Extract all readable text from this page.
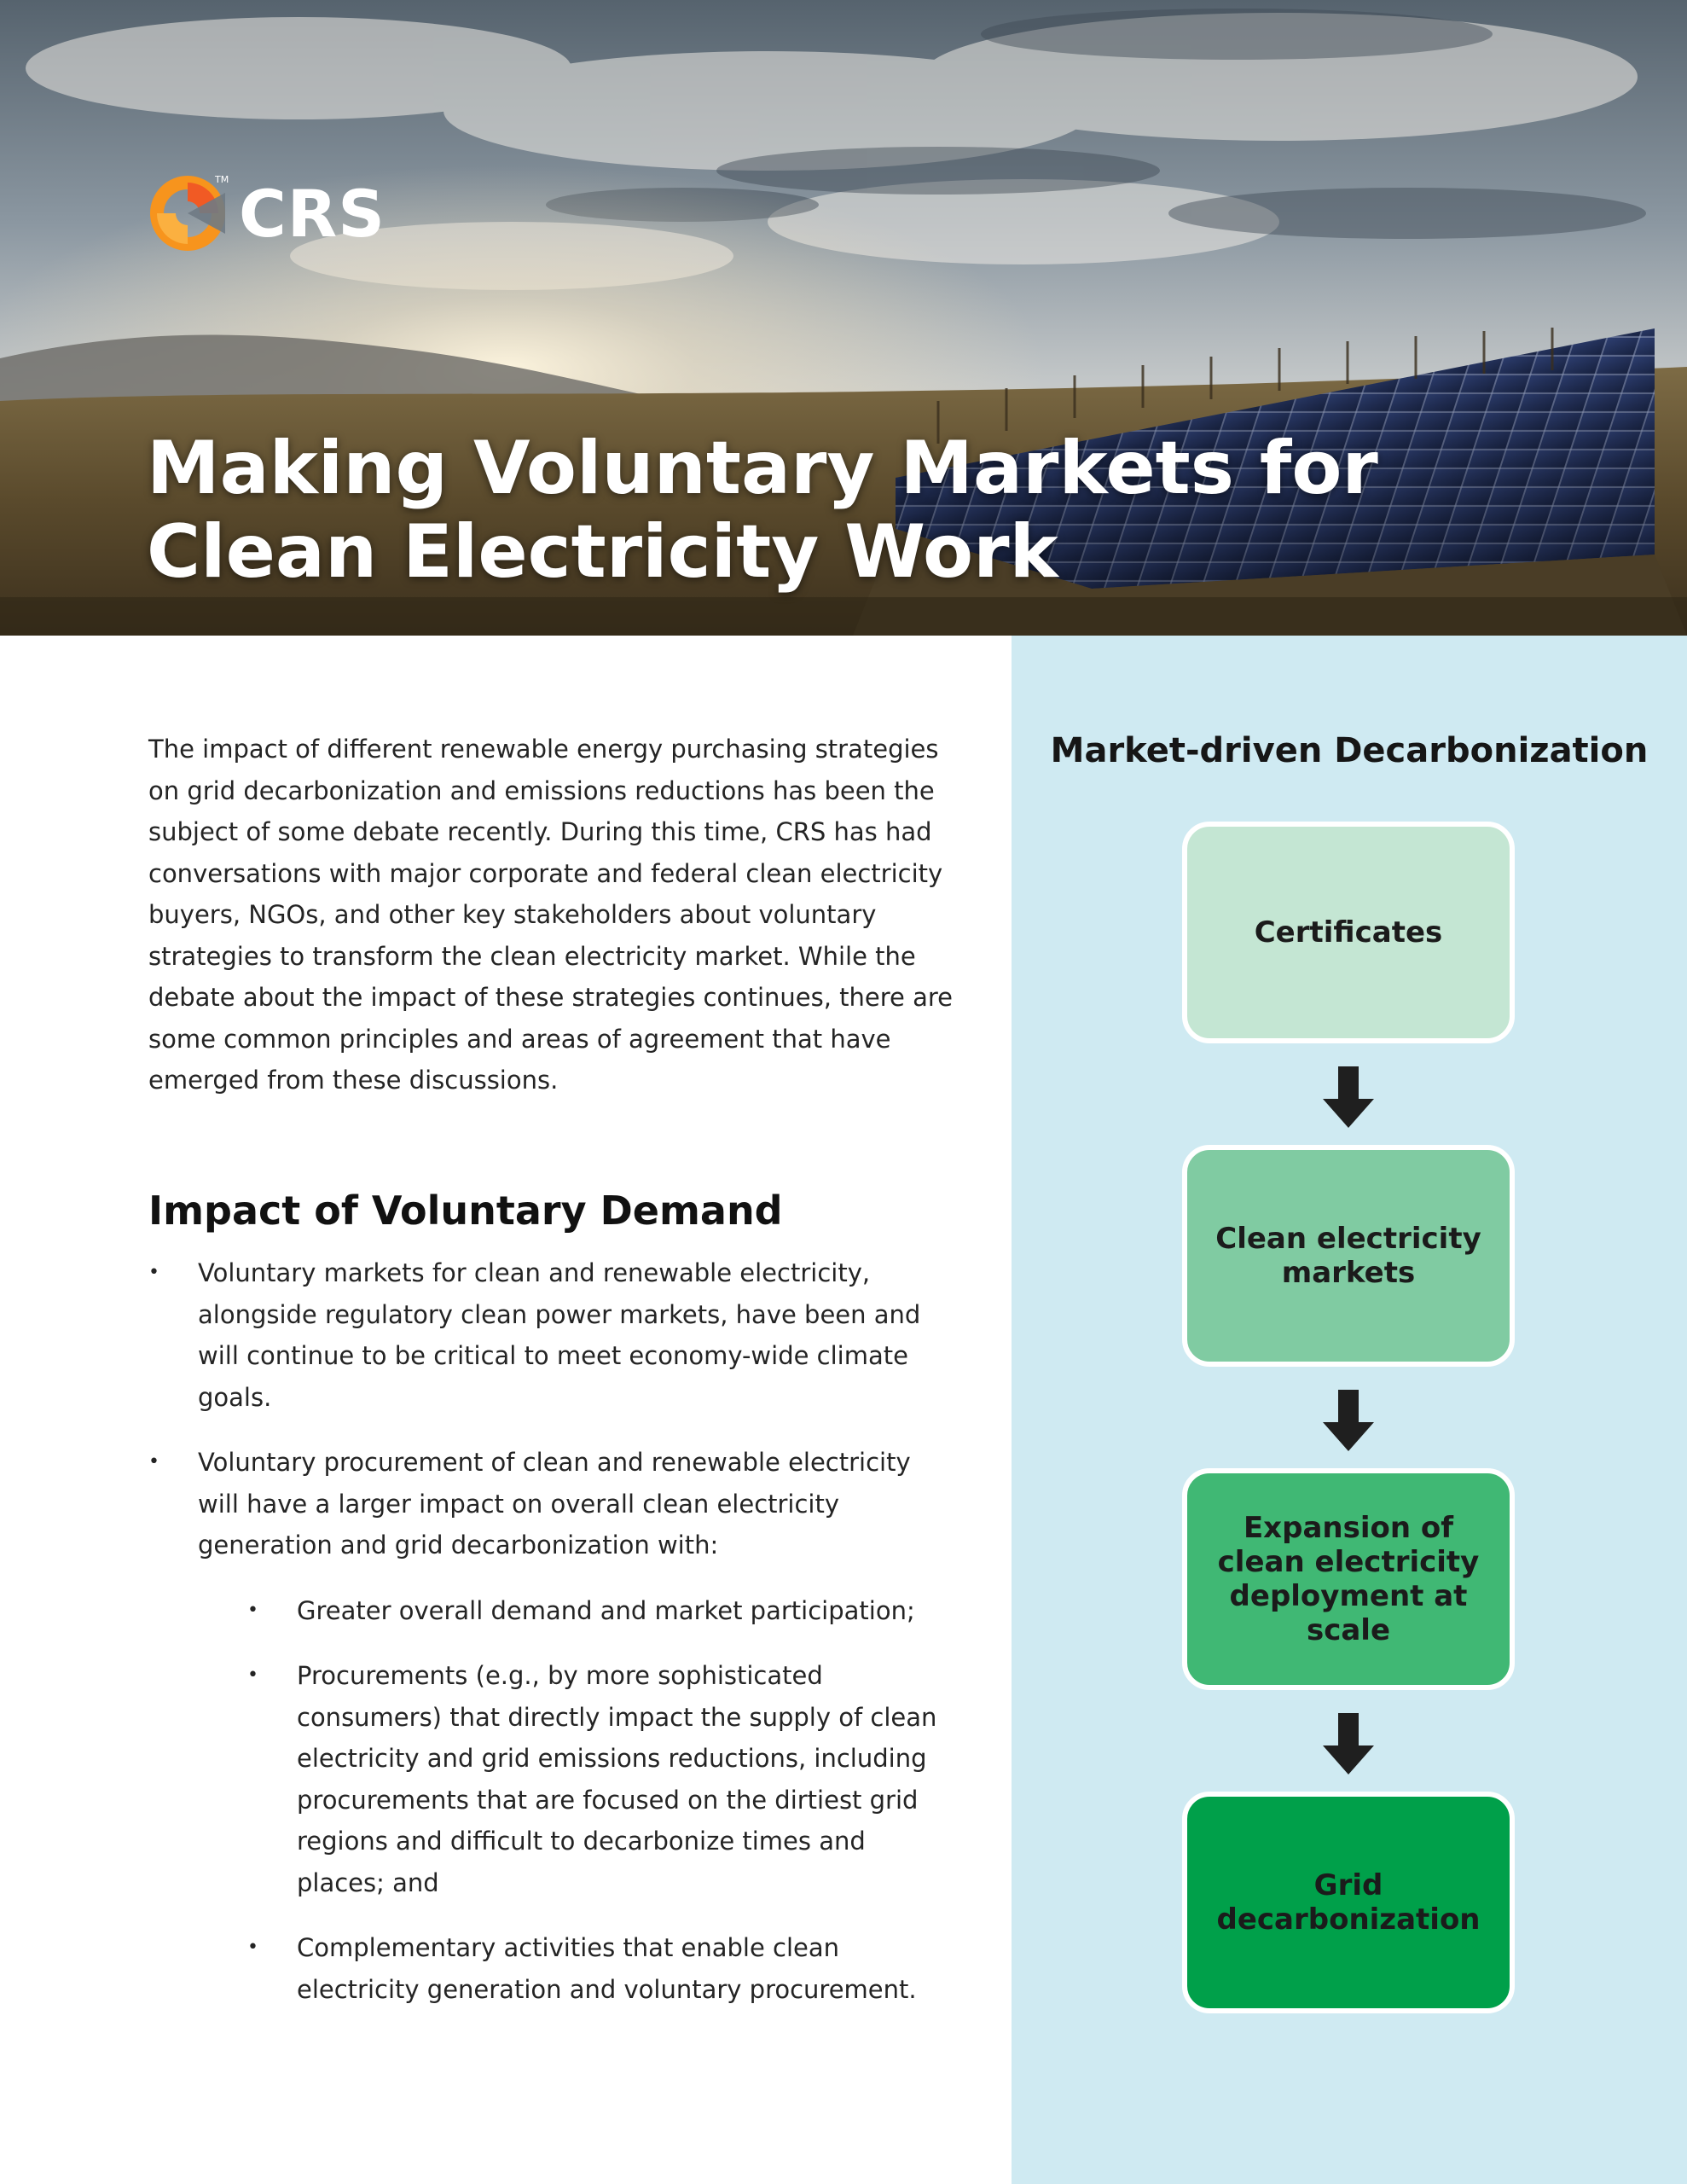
TM CRS
Making Voluntary Markets for
Clean Electricity Work

The impact of different renewable energy purchasing strategies on grid decarbonization and emissions reductions has been the subject of some debate recently. During this time, CRS has had conversations with major corporate and federal clean electricity buyers, NGOs, and other key stakeholders about voluntary strategies to transform the clean electricity market. While the debate about the impact of these strategies continues, there are some common principles and areas of agreement that have emerged from these discussions.

Impact of Voluntary Demand
• Voluntary markets for clean and renewable electricity, alongside regulatory clean power markets, have been and will continue to be critical to meet economy-wide climate goals.
• Voluntary procurement of clean and renewable electricity will have a larger impact on overall clean electricity generation and grid decarbonization with:
• Greater overall demand and market participation;
• Procurements (e.g., by more sophisticated consumers) that directly impact the supply of clean electricity and grid emissions reductions, including procurements that are focused on the dirtiest grid regions and difficult to decarbonize times and places; and
• Complementary activities that enable clean electricity generation and voluntary procurement.
Market-driven Decarbonization
Certificates
Clean electricity markets
Expansion of clean electricity deployment at scale
Grid decarbonization
